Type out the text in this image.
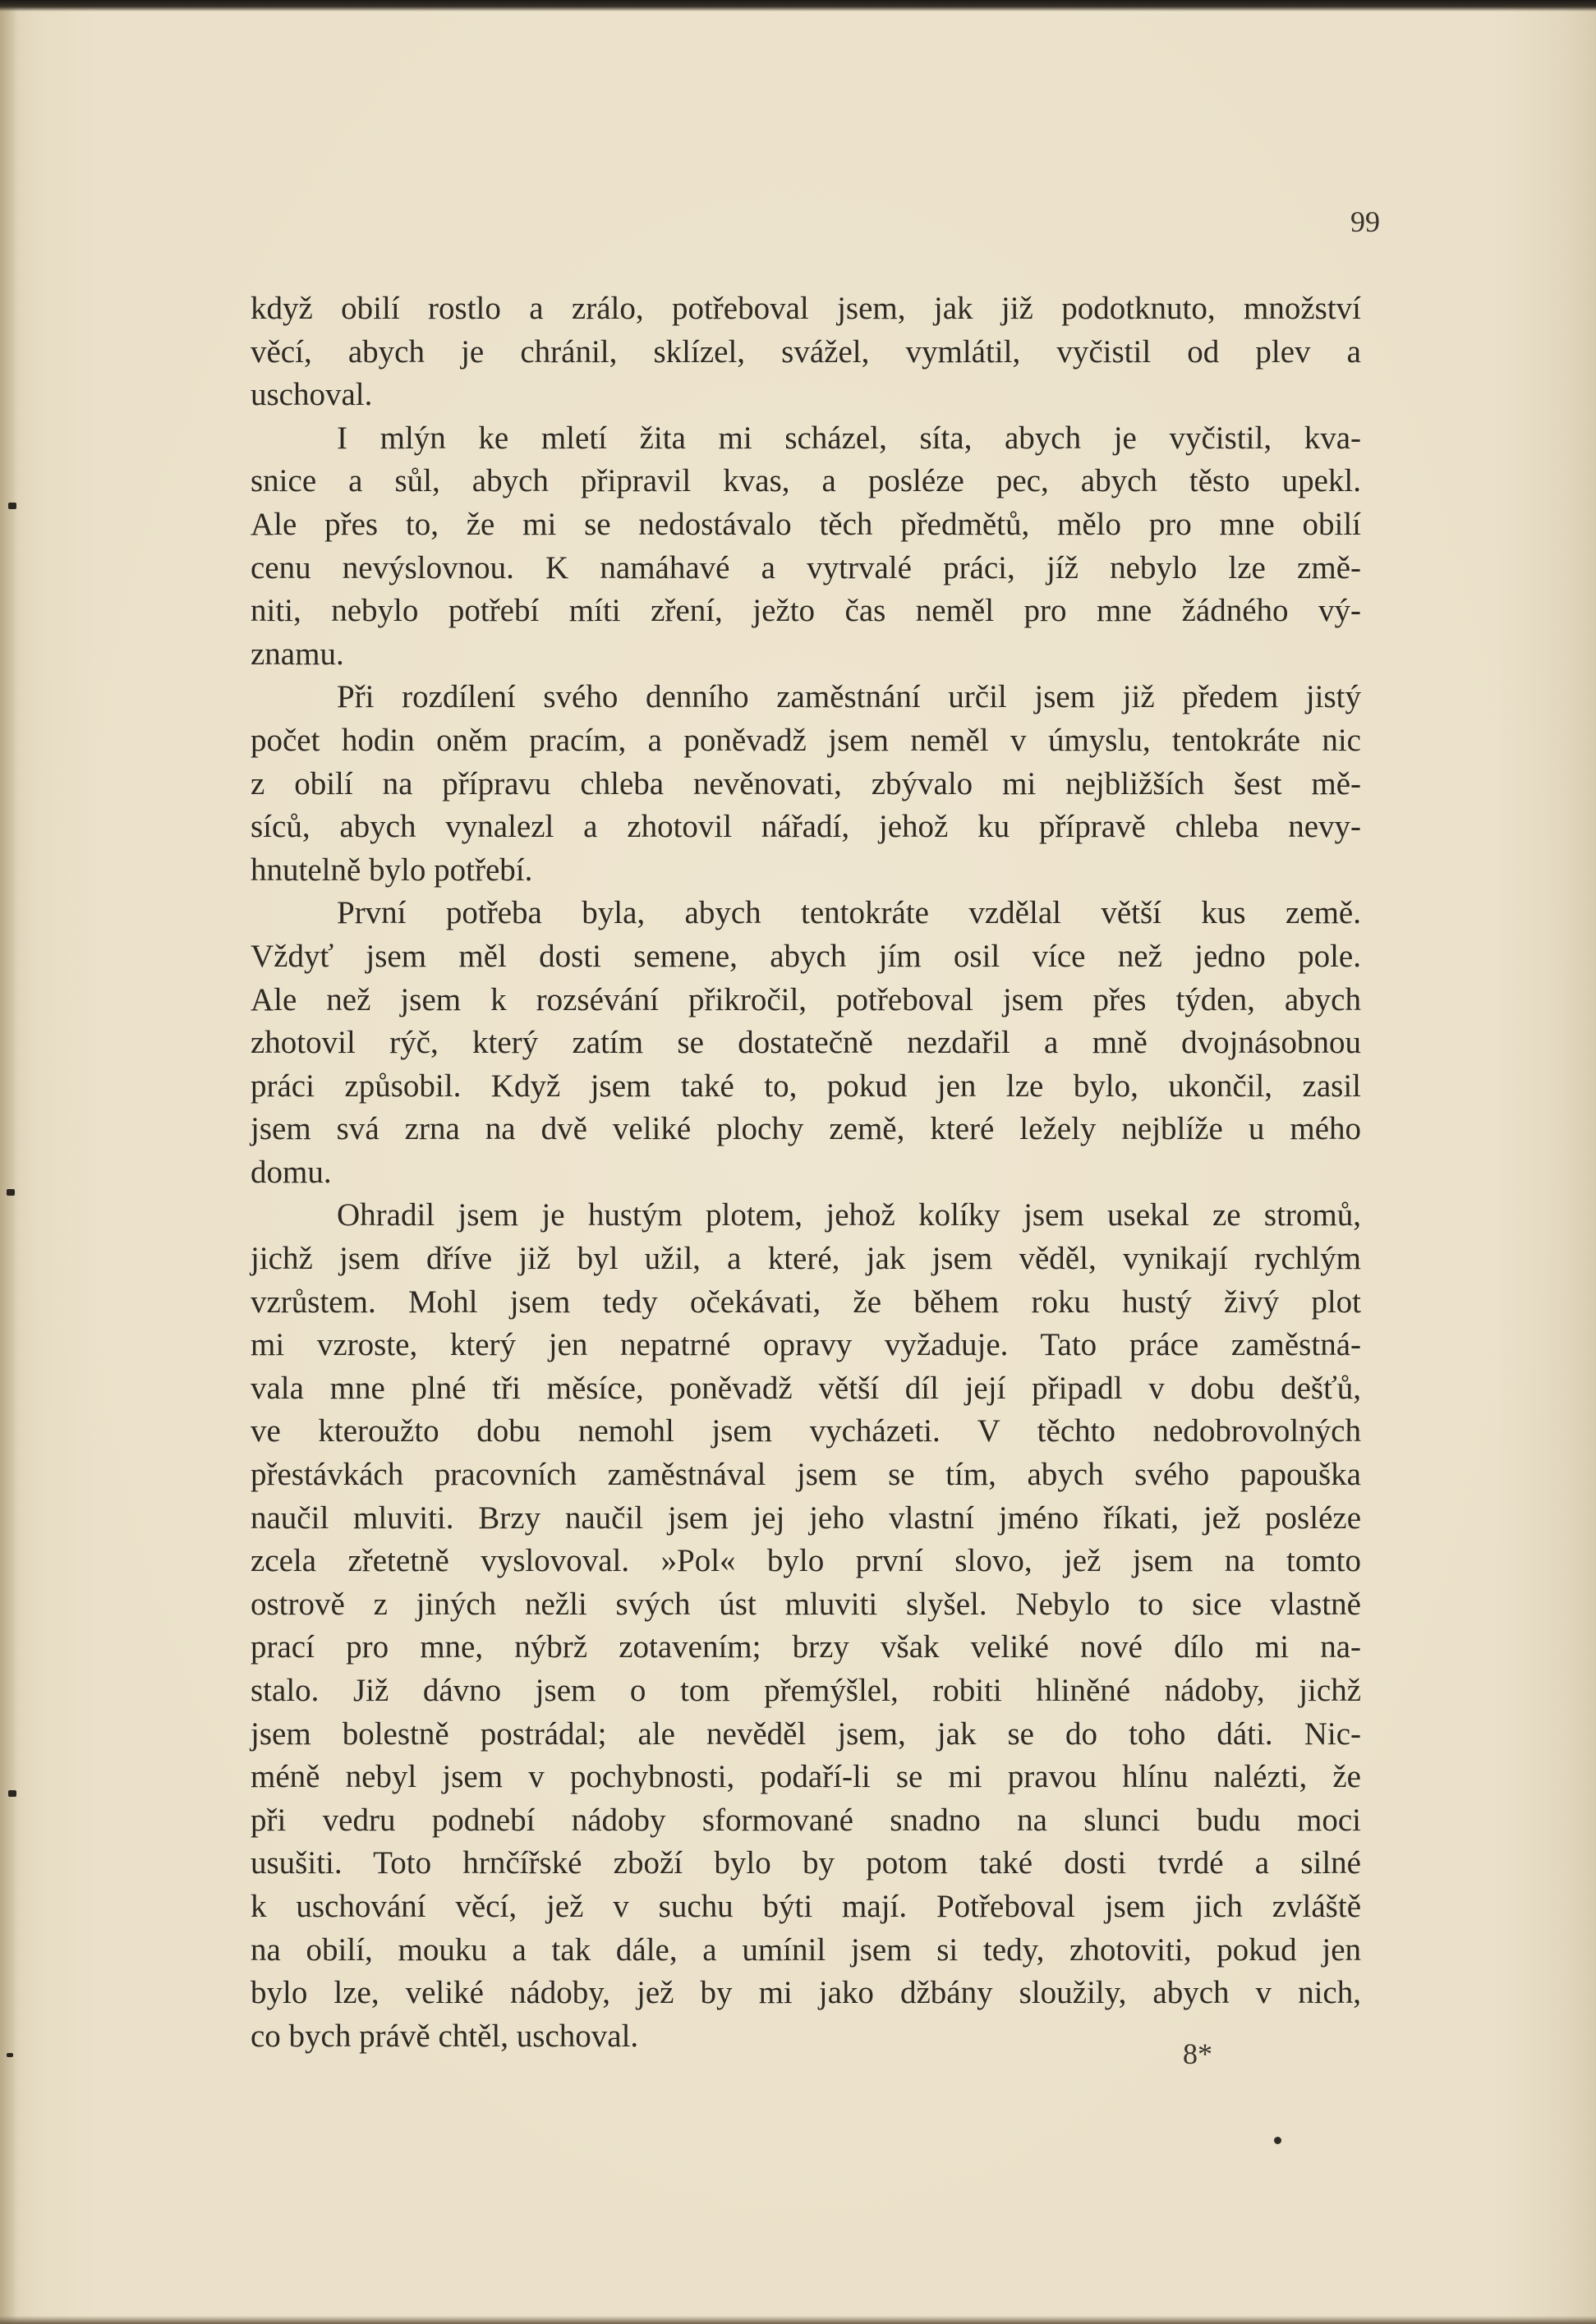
99
když obilí rostlo a zrálo, potřeboval jsem, jak již podotknuto, množství
věcí, abych je chránil, sklízel, svážel, vymlátil, vyčistil od plev a
uschoval.
I mlýn ke mletí žita mi scházel, síta, abych je vyčistil, kva-
snice a sůl, abych připravil kvas, a posléze pec, abych těsto upekl.
Ale přes to, že mi se nedostávalo těch předmětů, mělo pro mne obilí
cenu nevýslovnou. K namáhavé a vytrvalé práci, jíž nebylo lze změ-
niti, nebylo potřebí míti zření, ježto čas neměl pro mne žádného vý-
znamu.
Při rozdílení svého denního zaměstnání určil jsem již předem jistý
počet hodin oněm pracím, a poněvadž jsem neměl v úmyslu, tentokráte nic
z obilí na přípravu chleba nevěnovati, zbývalo mi nejbližších šest mě-
síců, abych vynalezl a zhotovil nářadí, jehož ku přípravě chleba nevy-
hnutelně bylo potřebí.
První potřeba byla, abych tentokráte vzdělal větší kus země.
Vždyť jsem měl dosti semene, abych jím osil více než jedno pole.
Ale než jsem k rozsévání přikročil, potřeboval jsem přes týden, abych
zhotovil rýč, který zatím se dostatečně nezdařil a mně dvojnásobnou
práci způsobil. Když jsem také to, pokud jen lze bylo, ukončil, zasil
jsem svá zrna na dvě veliké plochy země, které ležely nejblíže u mého
domu.
Ohradil jsem je hustým plotem, jehož kolíky jsem usekal ze stromů,
jichž jsem dříve již byl užil, a které, jak jsem věděl, vynikají rychlým
vzrůstem. Mohl jsem tedy očekávati, že během roku hustý živý plot
mi vzroste, který jen nepatrné opravy vyžaduje. Tato práce zaměstná-
vala mne plné tři měsíce, poněvadž větší díl její připadl v dobu dešťů,
ve kteroužto dobu nemohl jsem vycházeti. V těchto nedobrovolných
přestávkách pracovních zaměstnával jsem se tím, abych svého papouška
naučil mluviti. Brzy naučil jsem jej jeho vlastní jméno říkati, jež posléze
zcela zřetetně vyslovoval. »Pol« bylo první slovo, jež jsem na tomto
ostrově z jiných nežli svých úst mluviti slyšel. Nebylo to sice vlastně
prací pro mne, nýbrž zotavením; brzy však veliké nové dílo mi na-
stalo. Již dávno jsem o tom přemýšlel, robiti hliněné nádoby, jichž
jsem bolestně postrádal; ale nevěděl jsem, jak se do toho dáti. Nic-
méně nebyl jsem v pochybnosti, podaří-li se mi pravou hlínu nalézti, že
při vedru podnebí nádoby sformované snadno na slunci budu moci
usušiti. Toto hrnčířské zboží bylo by potom také dosti tvrdé a silné
k uschování věcí, jež v suchu býti mají. Potřeboval jsem jich zvláště
na obilí, mouku a tak dále, a umínil jsem si tedy, zhotoviti, pokud jen
bylo lze, veliké nádoby, jež by mi jako džbány sloužily, abych v nich,
co bych právě chtěl, uschoval.
8*
